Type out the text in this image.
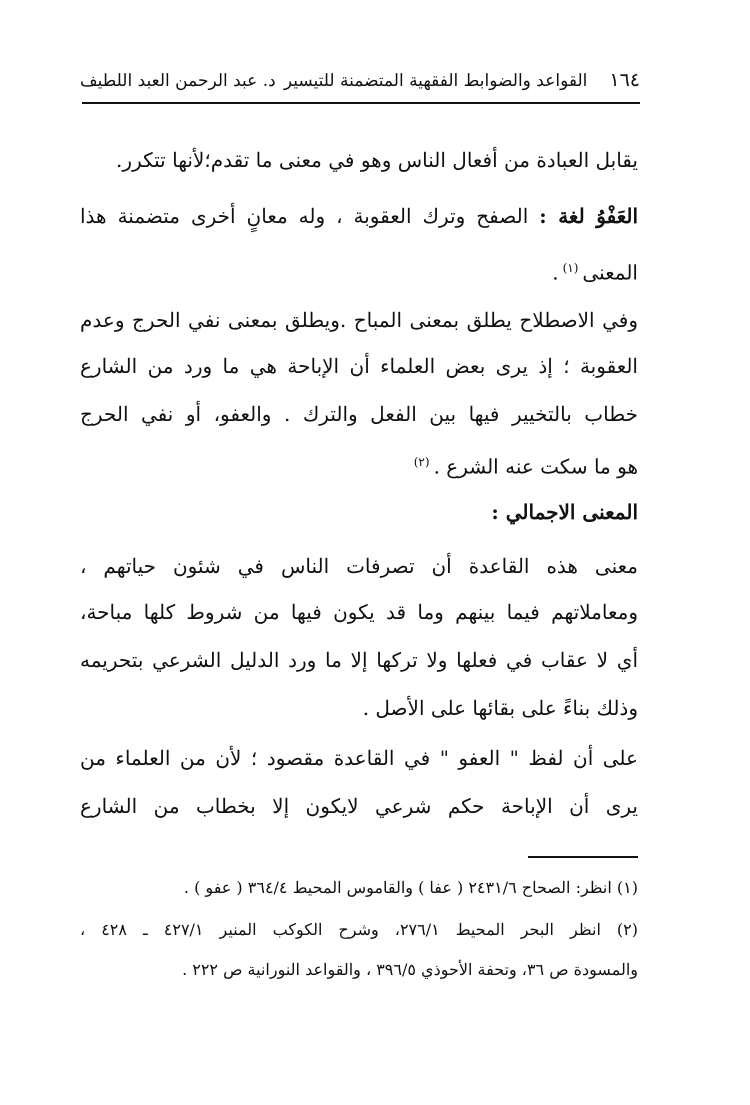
١٦٤
القواعد والضوابط الفقهية المتضمنة للتيسير
د. عبد الرحمن العبد اللطيف
يقابل العبادة من أفعال الناس وهو في معنى ما تقدم؛لأنها تتكرر.
العَفْوُ لغة : الصفح وترك العقوبة ، وله معانٍ أخرى متضمنة هذا
المعنى$^{(١)}$.
وفي الاصطلاح يطلق بمعنى المباح .ويطلق بمعنى نفي الحرج وعدم
العقوبة ؛ إذ يرى بعض العلماء أن الإباحة هي ما ورد من الشارع
خطاب بالتخيير فيها بين الفعل والترك . والعفو، أو نفي الحرج
هو ما سكت عنه الشرع .$^{(٢)}$
المعنى الاجمالي :
معنى هذه القاعدة أن تصرفات الناس في شئون حياتهم ،
ومعاملاتهم فيما بينهم وما قد يكون فيها من شروط كلها مباحة،
أي لا عقاب في فعلها ولا تركها إلا ما ورد الدليل الشرعي بتحريمه
وذلك بناءً على بقائها على الأصل .
على أن لفظ " العفو " في القاعدة مقصود ؛ لأن من العلماء من
يرى أن الإباحة حكم شرعي لايكون إلا بخطاب من الشارع
(١) انظر: الصحاح ٢٤٣١/٦ ( عفا ) والقاموس المحيط ٣٦٤/٤ ( عفو ) .
(٢) انظر البحر المحيط ٢٧٦/١، وشرح الكوكب المنير ٤٢٧/١ ـ ٤٢٨ ،
والمسودة ص ٣٦، وتحفة الأحوذي ٣٩٦/٥ ، والقواعد النورانية ص ٢٢٢ .
